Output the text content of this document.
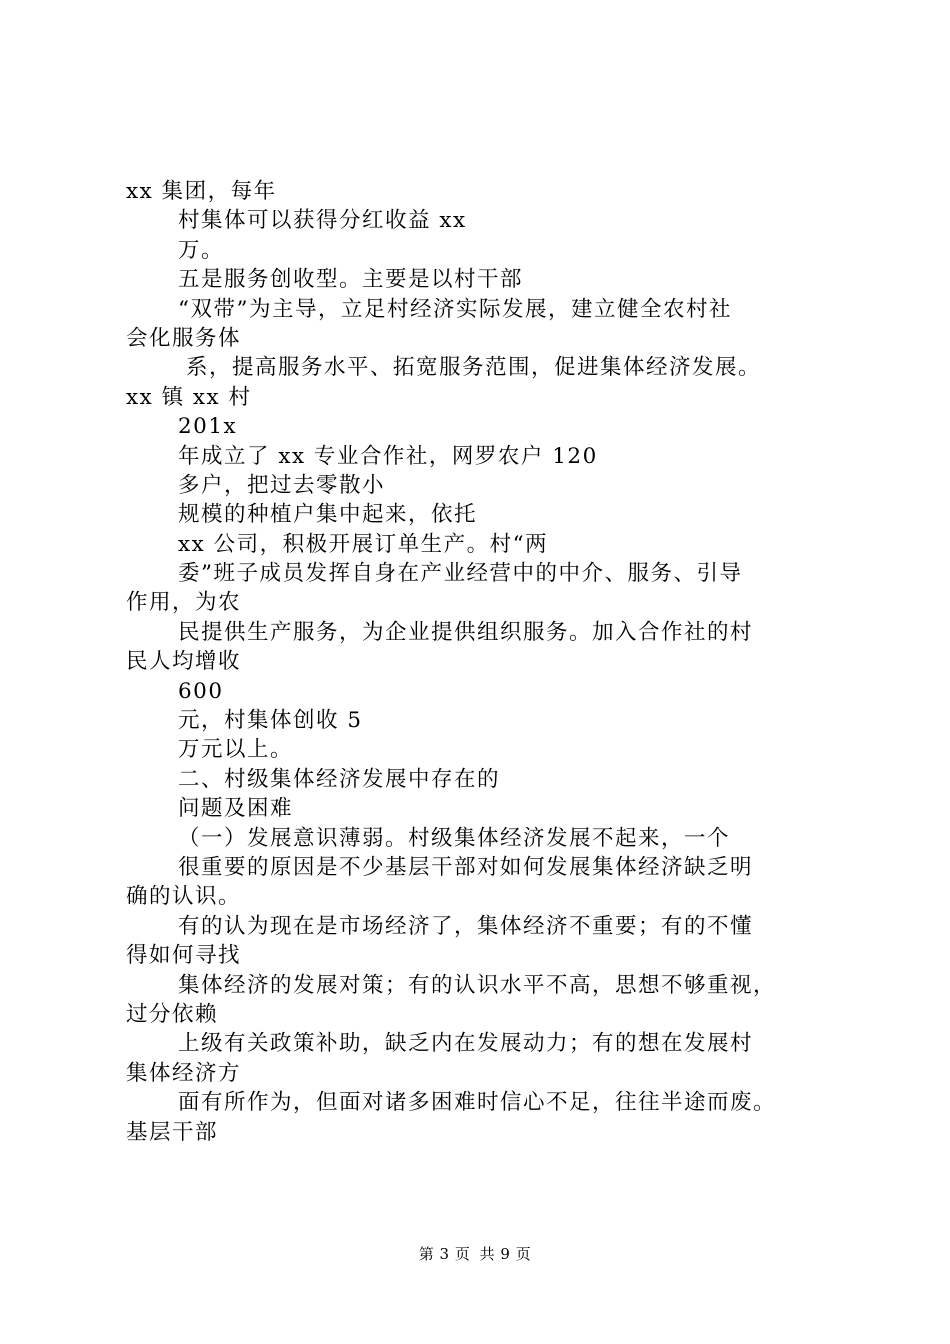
xx 集团，每年
村集体可以获得分红收益 xx
万。
五是服务创收型。主要是以村干部
“双带”为主导，立足村经济实际发展，建立健全农村社
会化服务体
系，提高服务水平、拓宽服务范围，促进集体经济发展。
xx 镇 xx 村
201x
年成立了 xx 专业合作社，网罗农户 120
多户，把过去零散小
规模的种植户集中起来，依托
xx 公司，积极开展订单生产。村“两
委”班子成员发挥自身在产业经营中的中介、服务、引导
作用，为农
民提供生产服务，为企业提供组织服务。加入合作社的村
民人均增收
600
元，村集体创收 5
万元以上。
二、村级集体经济发展中存在的
问题及困难
（一）发展意识薄弱。村级集体经济发展不起来，一个
很重要的原因是不少基层干部对如何发展集体经济缺乏明
确的认识。
有的认为现在是市场经济了，集体经济不重要；有的不懂
得如何寻找
集体经济的发展对策；有的认识水平不高，思想不够重视，
过分依赖
上级有关政策补助，缺乏内在发展动力；有的想在发展村
集体经济方
面有所作为，但面对诸多困难时信心不足，往往半途而废。
基层干部
第 3 页 共 9 页
